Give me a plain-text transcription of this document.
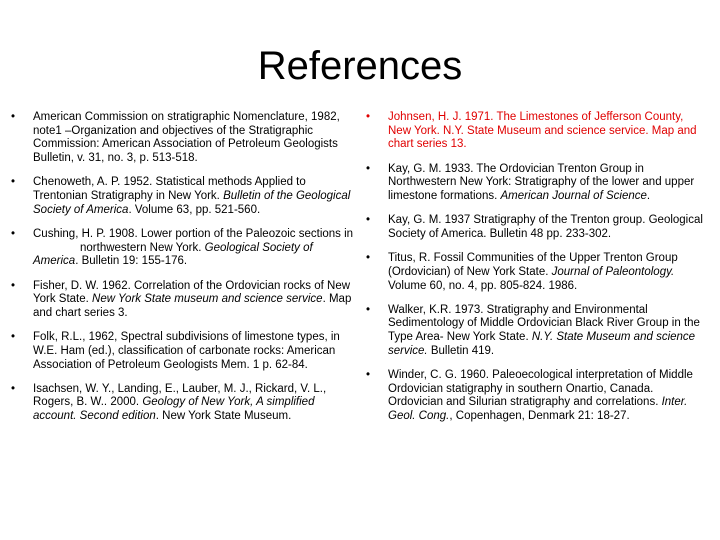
References
•	American Commission on stratigraphic Nomenclature, 1982, note1 –Organization and objectives of the Stratigraphic Commission: American Association of Petroleum Geologists Bulletin, v. 31, no. 3, p. 513-518.
•	Chenoweth, A. P. 1952. Statistical methods Applied to Trentonian Stratigraphy in New York. Bulletin of the Geological Society of America. Volume 63, pp. 521-560.
•	Cushing, H. P. 1908. Lower portion of the Paleozoic sections in northwestern New York. Geological Society of America. Bulletin 19: 155-176.
•	Fisher, D. W. 1962. Correlation of the Ordovician rocks of New York State. New York State museum and science service. Map and chart series 3.
•	Folk, R.L., 1962, Spectral subdivisions of limestone types, in W.E. Ham (ed.), classification of carbonate rocks: American Association of Petroleum Geologists Mem. 1 p. 62-84.
•	Isachsen, W. Y., Landing, E., Lauber, M. J., Rickard, V. L., Rogers, B. W.. 2000. Geology of New York, A simplified account. Second edition. New York State Museum.
•	Johnsen, H. J. 1971. The Limestones of Jefferson County, New York. N.Y. State Museum and science service. Map and chart series 13.
•	Kay, G. M. 1933. The Ordovician Trenton Group in Northwestern New York: Stratigraphy of the lower and upper limestone formations. American Journal of Science.
•	Kay, G. M. 1937 Stratigraphy of the Trenton group. Geological Society of America. Bulletin 48 pp. 233-302.
•	Titus, R. Fossil Communities of the Upper Trenton Group (Ordovician) of New York State. Journal of Paleontology. Volume 60, no. 4, pp. 805-824. 1986.
•	Walker, K.R. 1973. Stratigraphy and Environmental Sedimentology of Middle Ordovician Black River Group in the Type Area- New York State. N.Y. State Museum and science service. Bulletin 419.
•	Winder, C. G. 1960. Paleoecological interpretation of Middle Ordovician statigraphy in southern Onartio, Canada. Ordovician and Silurian stratigraphy and correlations. Inter. Geol. Cong., Copenhagen, Denmark 21: 18-27.
